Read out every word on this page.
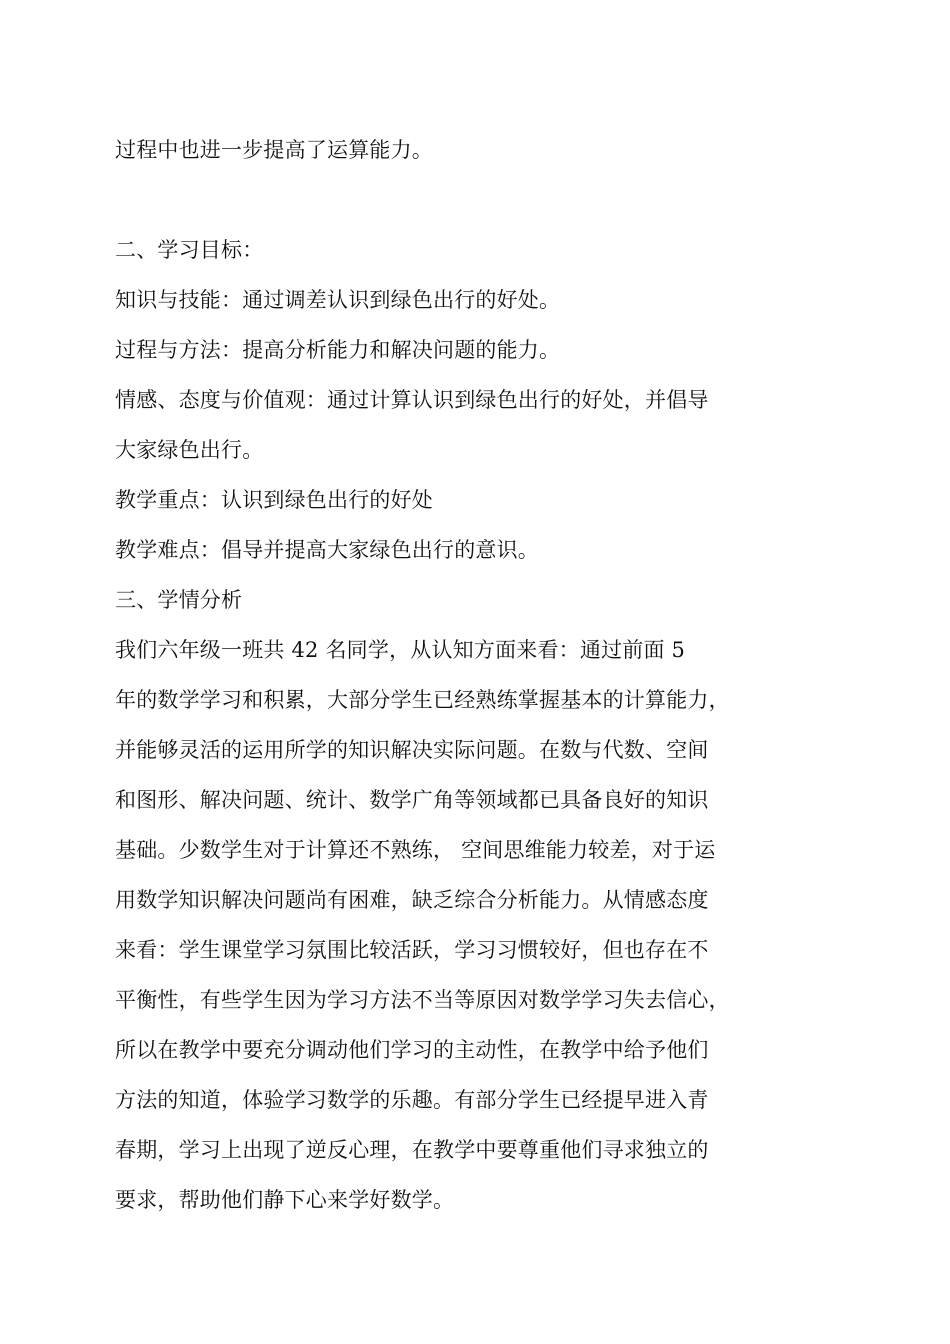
过程中也进一步提高了运算能力。
二、学习目标：
知识与技能：通过调差认识到绿色出行的好处。
过程与方法：提高分析能力和解决问题的能力。
情感、态度与价值观：通过计算认识到绿色出行的好处，并倡导
大家绿色出行。
教学重点：认识到绿色出行的好处
教学难点：倡导并提高大家绿色出行的意识。
三、学情分析
我们六年级一班共 42 名同学，从认知方面来看：通过前面 5
年的数学学习和积累，大部分学生已经熟练掌握基本的计算能力，
并能够灵活的运用所学的知识解决实际问题。在数与代数、空间
和图形、解决问题、统计、数学广角等领域都已具备良好的知识
基础。少数学生对于计算还不熟练， 空间思维能力较差，对于运
用数学知识解决问题尚有困难，缺乏综合分析能力。从情感态度
来看：学生课堂学习氛围比较活跃，学习习惯较好，但也存在不
平衡性，有些学生因为学习方法不当等原因对数学学习失去信心，
所以在教学中要充分调动他们学习的主动性，在教学中给予他们
方法的知道，体验学习数学的乐趣。有部分学生已经提早进入青
春期，学习上出现了逆反心理，在教学中要尊重他们寻求独立的
要求，帮助他们静下心来学好数学。
